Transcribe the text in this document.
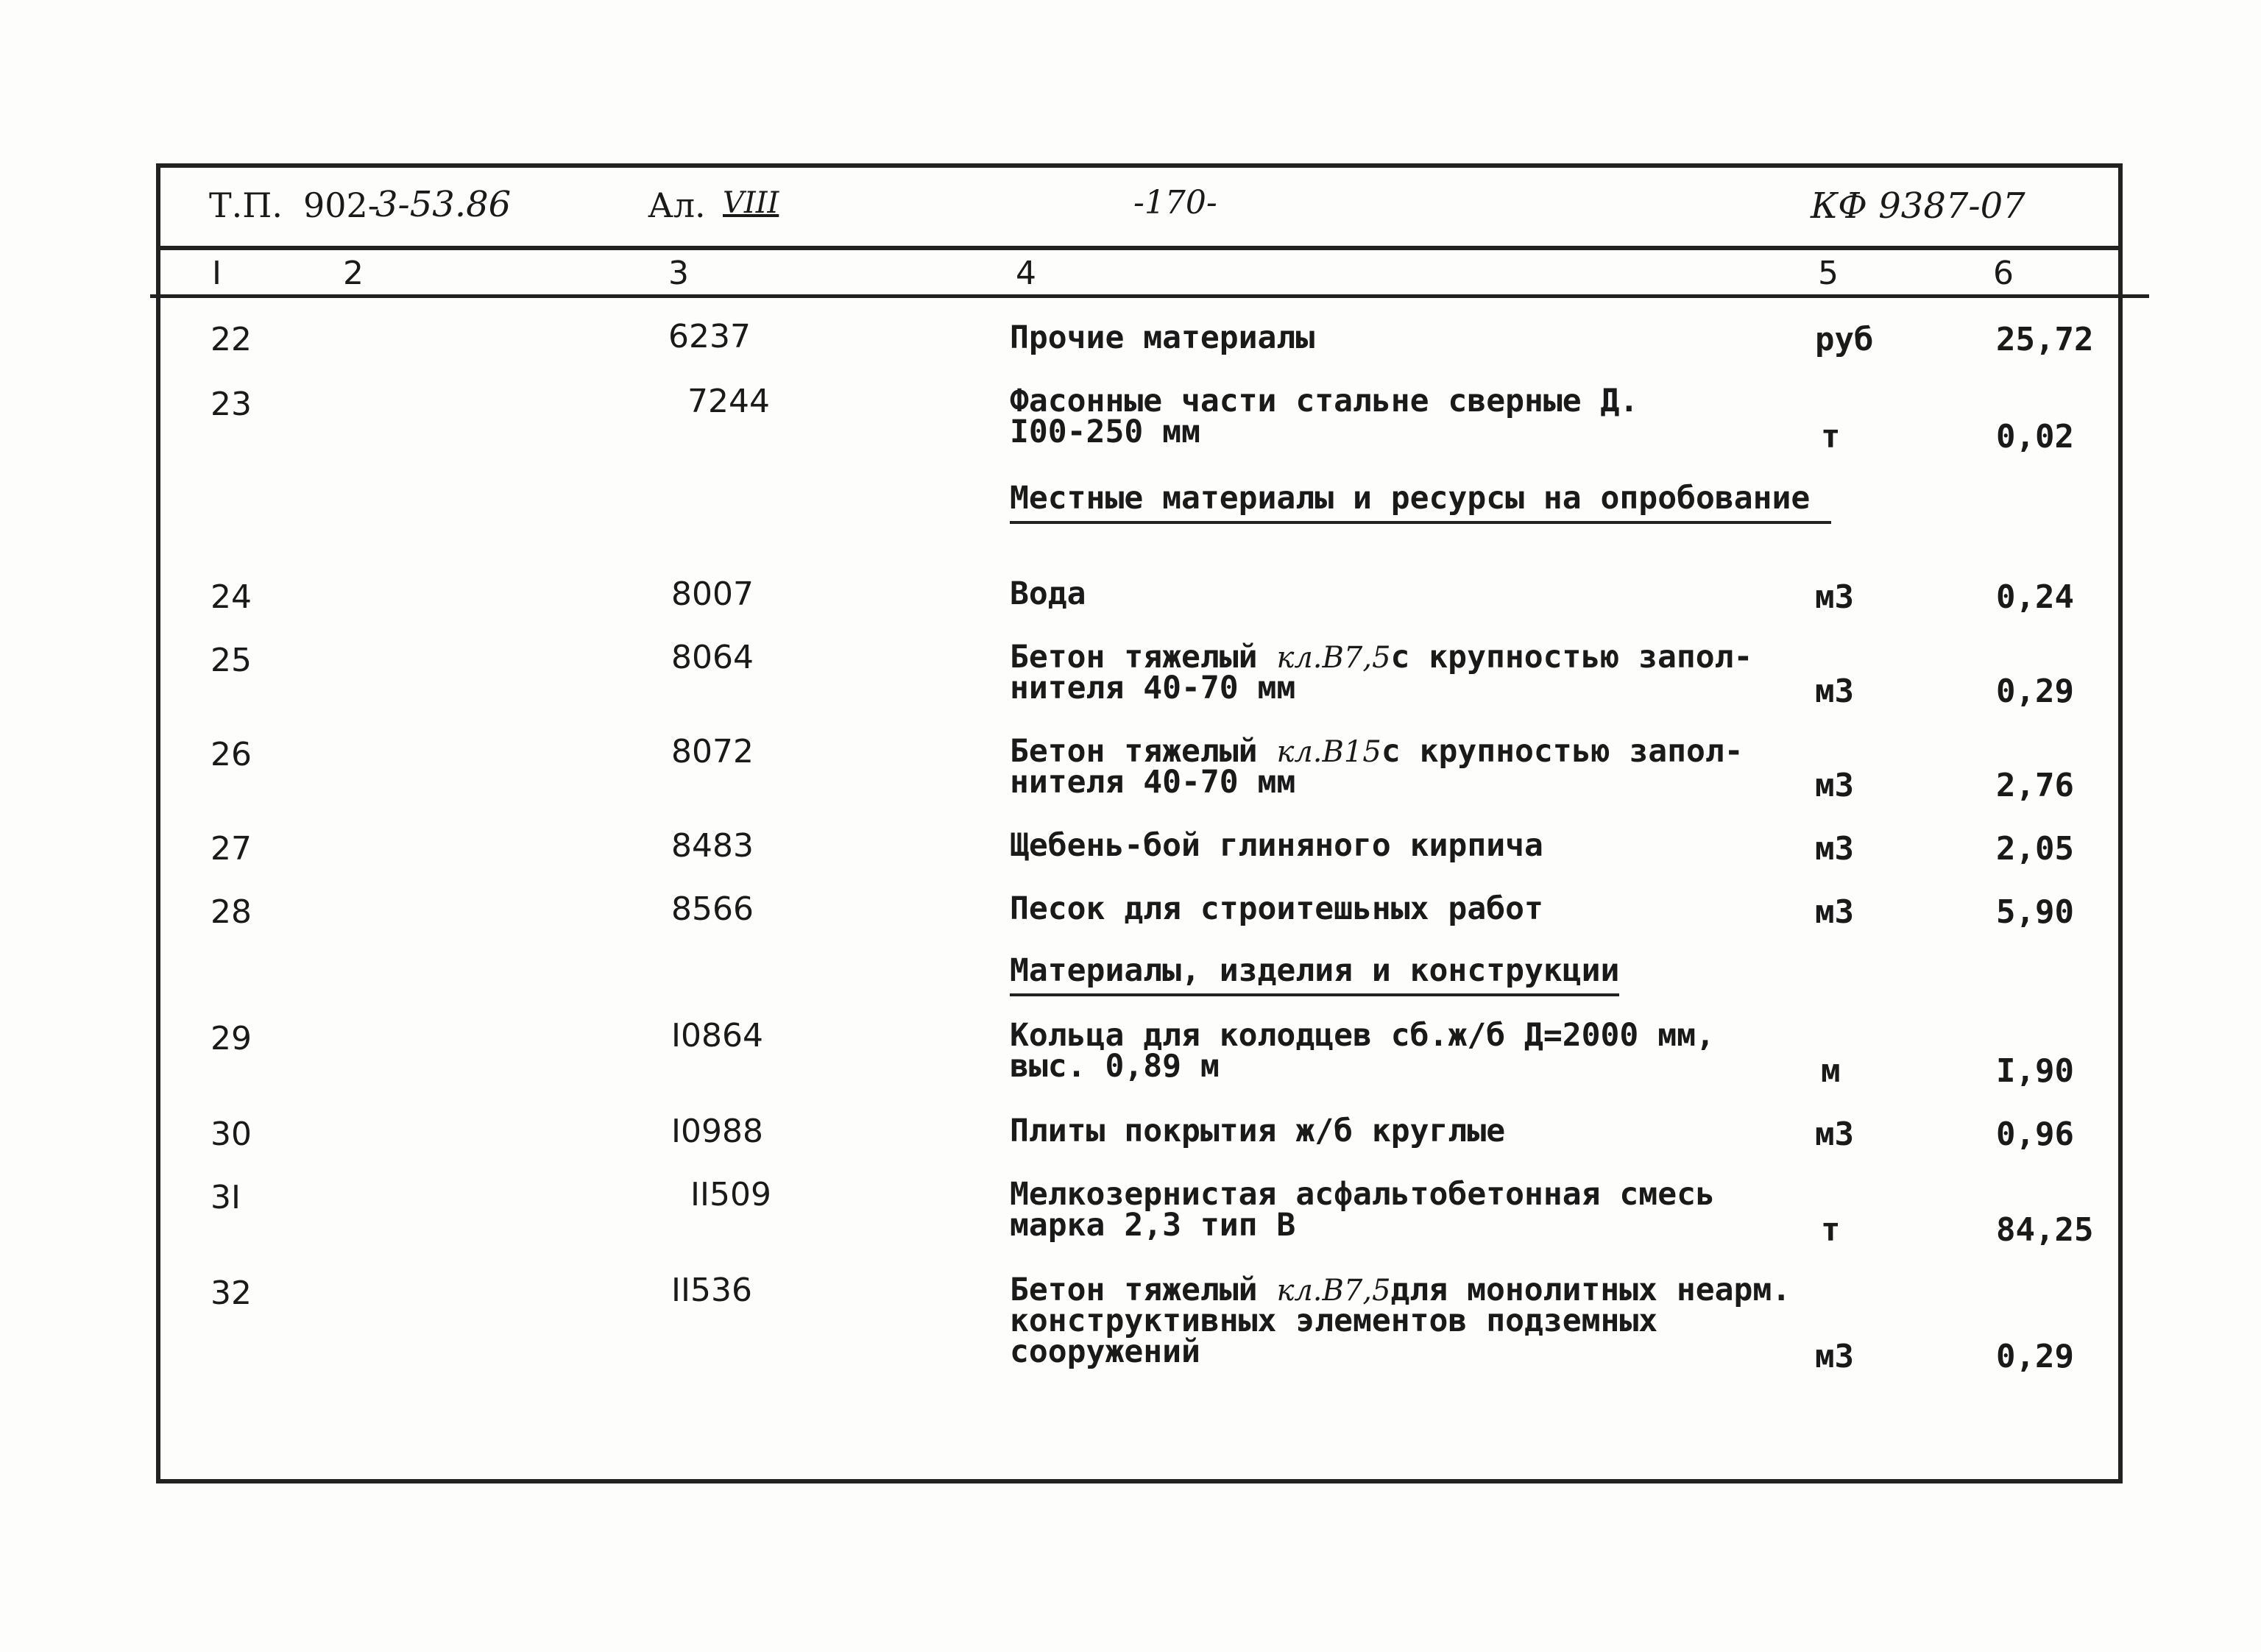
Т.П. 902-
3-53.86	Ал. VIII	-170-	КФ 9387-07
I	2	3	4	5	6
22	6237	Прочие материалы	руб	25,72
23	7244	Фасонные части стальне сверные Д.
I00-250 мм	т	0,02
Местные материалы и ресурсы на опробование
24	8007	Вода	м3	0,24
25	8064	Бетон тяжелый кл.В7,5с крупностью запол-
нителя 40-70 мм	м3	0,29
26	8072	Бетон тяжелый кл.В15с крупностью запол-
нителя 40-70 мм	м3	2,76
27	8483	Щебень-бой глиняного кирпича	м3	2,05
28	8566	Песок для строитешьных работ	м3	5,90
Материалы, изделия и конструкции
29	I0864	Кольца для колодцев сб.ж/б Д=2000 мм,
выс. 0,89 м	м	I,90
30	I0988	Плиты покрытия ж/б круглые	м3	0,96
3I	II509	Мелкозернистая асфальтобетонная смесь
марка 2,3 тип В	т	84,25
32	II536	Бетон тяжелый кл.В7,5для монолитных неарм.
конструктивных элементов подземных
сооружений	м3	0,29
